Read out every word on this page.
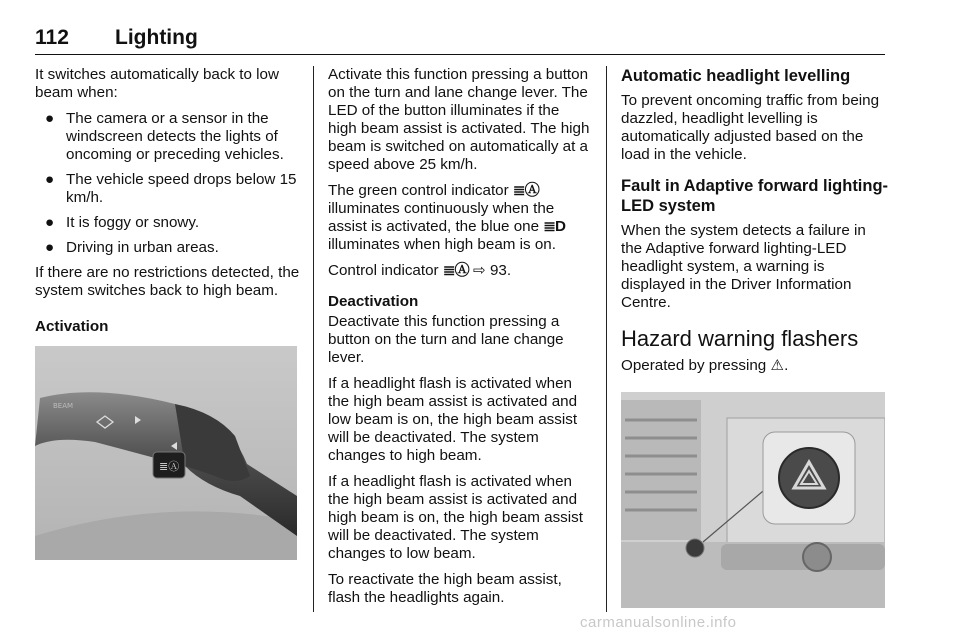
112 Lighting

It switches automatically back to low beam when:

● The camera or a sensor in the windscreen detects the lights of oncoming or preceding vehicles.
● The vehicle speed drops below 15 km/h.
● It is foggy or snowy.
● Driving in urban areas.

If there are no restrictions detected, the system switches back to high beam.

Activation
≣Ⓐ
BEAM

Activate this function pressing a button on the turn and lane change lever. The LED of the button illuminates if the high beam assist is activated. The high beam is switched on automatically at a speed above 25 km/h.

The green control indicator ≣Ⓐ illuminates continuously when the assist is activated, the blue one ≣D illuminates when high beam is on.

Control indicator ≣Ⓐ ⇨ 93.

Deactivation

Deactivate this function pressing a button on the turn and lane change lever.

If a headlight flash is activated when the high beam assist is activated and low beam is on, the high beam assist will be deactivated. The system changes to high beam.

If a headlight flash is activated when the high beam assist is activated and high beam is on, the high beam assist will be deactivated. The system changes to low beam.

To reactivate the high beam assist, flash the headlights again.

Automatic headlight levelling

To prevent oncoming traffic from being dazzled, headlight levelling is automatically adjusted based on the load in the vehicle.

Fault in Adaptive forward lighting-LED system

When the system detects a failure in the Adaptive forward lighting-LED headlight system, a warning is displayed in the Driver Information Centre.

Hazard warning flashers

Operated by pressing ⚠.

carmanualsonline.info
